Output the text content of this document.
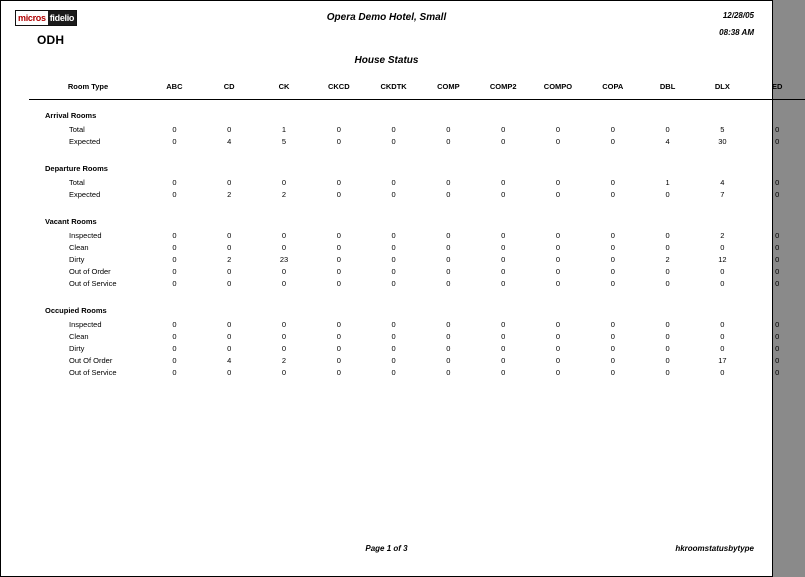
micros fidelio
ODH
Opera Demo Hotel, Small	12/28/05
08:38 AM
House Status
Room Type	ABC	CD	CK	CKCD	CKDTK	COMP	COMP2	COMPO	COPA	DBL	DLX	ED
Arrival Rooms												
Total	0	0	1	0	0	0	0	0	0	0	5	0
Expected	0	4	5	0	0	0	0	0	0	4	30	0

Departure Rooms												
Total	0	0	0	0	0	0	0	0	0	1	4	0
Expected	0	2	2	0	0	0	0	0	0	0	7	0

Vacant Rooms												
Inspected	0	0	0	0	0	0	0	0	0	0	2	0
Clean	0	0	0	0	0	0	0	0	0	0	0	0
Dirty	0	2	23	0	0	0	0	0	0	2	12	0
Out of Order	0	0	0	0	0	0	0	0	0	0	0	0
Out of Service	0	0	0	0	0	0	0	0	0	0	0	0

Occupied Rooms												
Inspected	0	0	0	0	0	0	0	0	0	0	0	0
Clean	0	0	0	0	0	0	0	0	0	0	0	0
Dirty	0	0	0	0	0	0	0	0	0	0	0	0
Out Of Order	0	4	2	0	0	0	0	0	0	0	17	0
Out of Service	0	0	0	0	0	0	0	0	0	0	0	0
Page 1 of 3	hkroomstatusbytype
